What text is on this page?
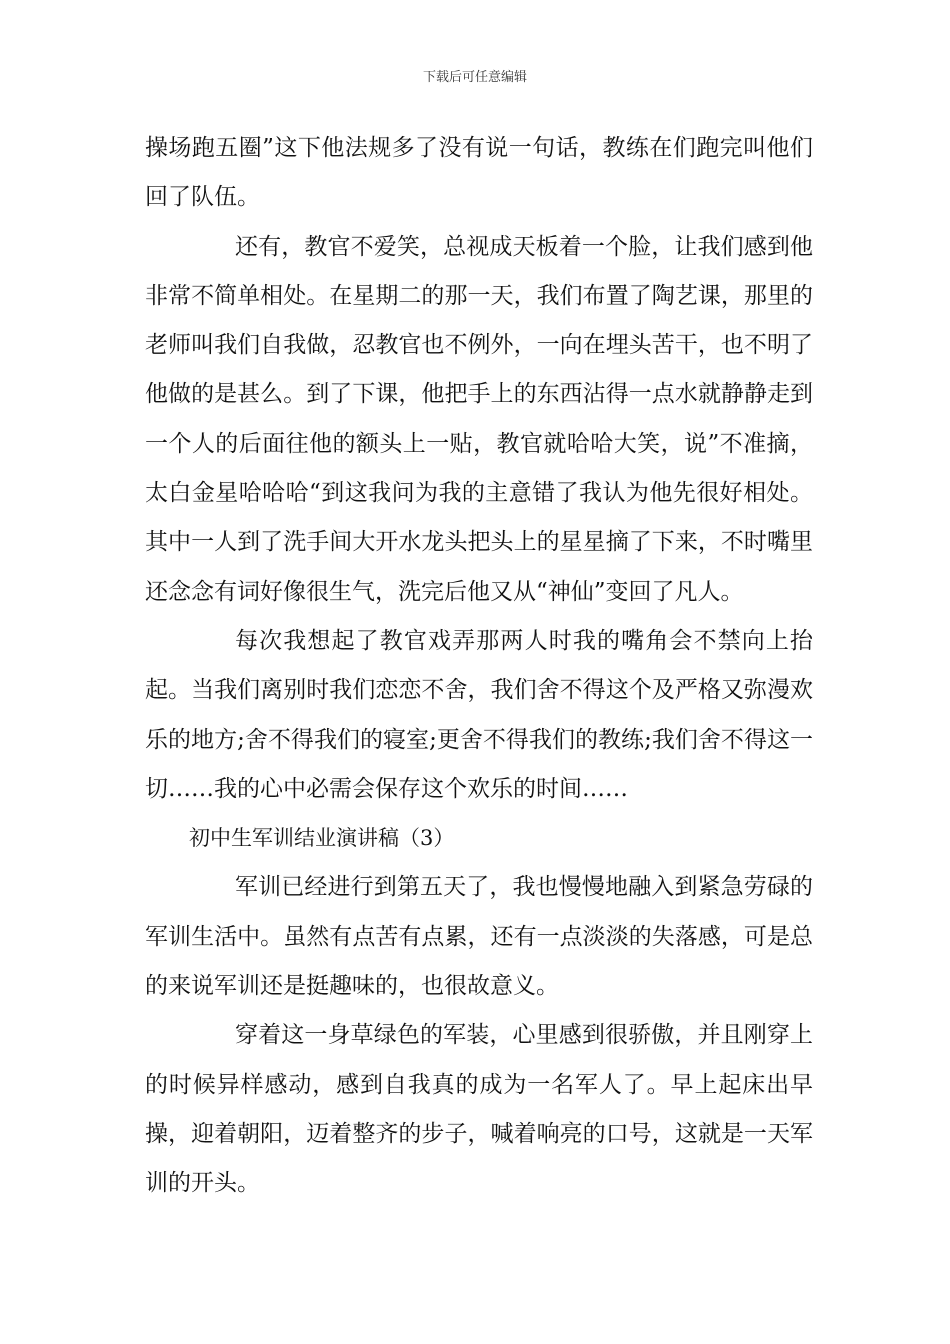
下载后可任意编辑

操场跑五圈”这下他法规多了没有说一句话，教练在们跑完叫他们回了队伍。

还有，教官不爱笑，总视成天板着一个脸，让我们感到他非常不简单相处。在星期二的那一天，我们布置了陶艺课，那里的老师叫我们自我做，忍教官也不例外，一向在埋头苦干，也不明了他做的是甚么。到了下课，他把手上的东西沾得一点水就静静走到一个人的后面往他的额头上一贴，教官就哈哈大笑，说”不准摘，太白金星哈哈哈“到这我问为我的主意错了我认为他先很好相处。其中一人到了洗手间大开水龙头把头上的星星摘了下来，不时嘴里还念念有词好像很生气，洗完后他又从“神仙”变回了凡人。

每次我想起了教官戏弄那两人时我的嘴角会不禁向上抬起。当我们离别时我们恋恋不舍，我们舍不得这个及严格又弥漫欢乐的地方;舍不得我们的寝室;更舍不得我们的教练;我们舍不得这一切……我的心中必需会保存这个欢乐的时间……

初中生军训结业演讲稿（3）

军训已经进行到第五天了，我也慢慢地融入到紧急劳碌的军训生活中。虽然有点苦有点累，还有一点淡淡的失落感，可是总的来说军训还是挺趣味的，也很故意义。

穿着这一身草绿色的军装，心里感到很骄傲，并且刚穿上的时候异样感动，感到自我真的成为一名军人了。早上起床出早操，迎着朝阳，迈着整齐的步子，喊着响亮的口号，这就是一天军训的开头。
